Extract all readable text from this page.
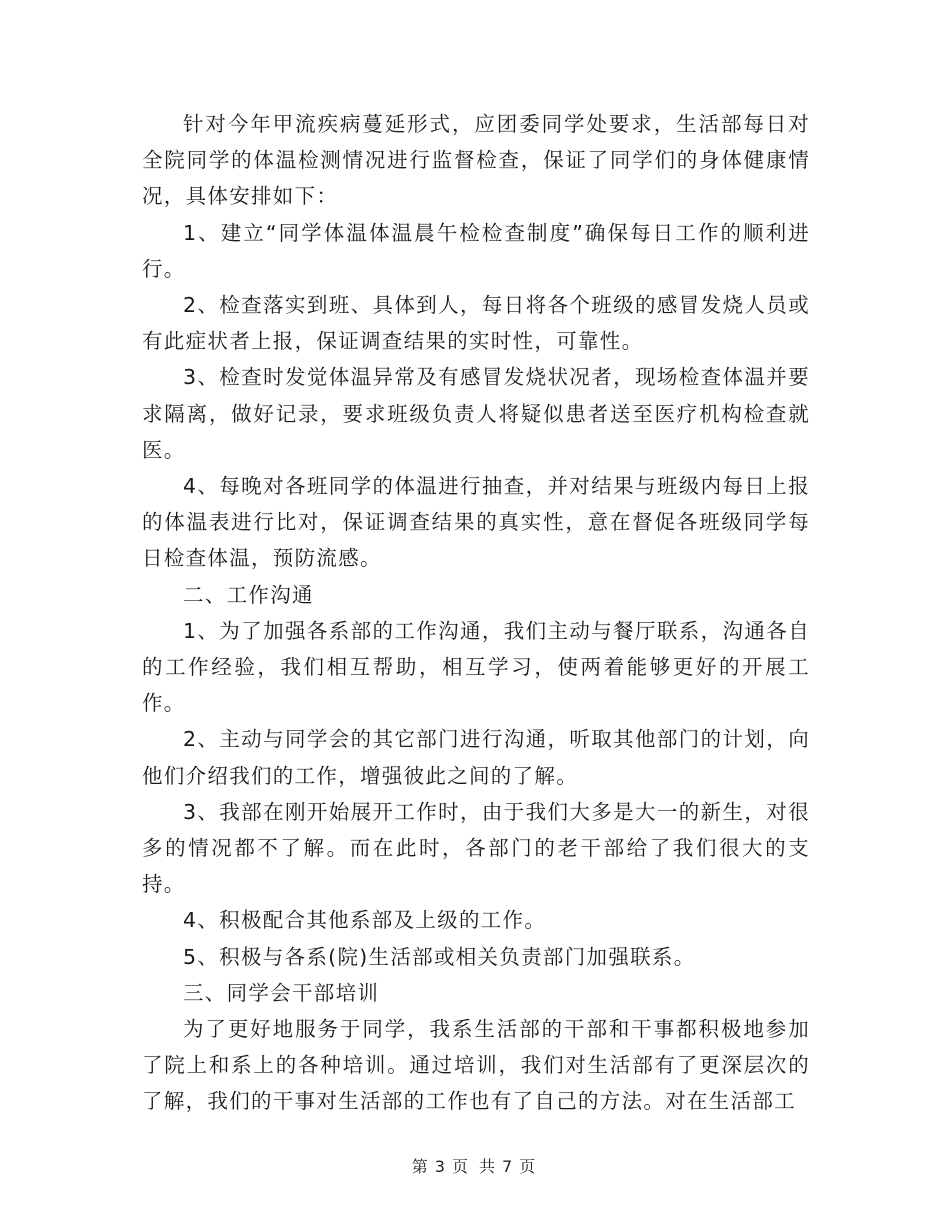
针对今年甲流疾病蔓延形式，应团委同学处要求，生活部每日对全院同学的体温检测情况进行监督检查，保证了同学们的身体健康情况，具体安排如下：

1、建立“同学体温体温晨午检检查制度”确保每日工作的顺利进行。

2、检查落实到班、具体到人，每日将各个班级的感冒发烧人员或有此症状者上报，保证调查结果的实时性，可靠性。

3、检查时发觉体温异常及有感冒发烧状况者，现场检查体温并要求隔离，做好记录，要求班级负责人将疑似患者送至医疗机构检查就医。

4、每晚对各班同学的体温进行抽查，并对结果与班级内每日上报的体温表进行比对，保证调查结果的真实性，意在督促各班级同学每日检查体温，预防流感。

二、工作沟通

1、为了加强各系部的工作沟通，我们主动与餐厅联系，沟通各自的工作经验，我们相互帮助，相互学习，使两着能够更好的开展工作。

2、主动与同学会的其它部门进行沟通，听取其他部门的计划，向他们介绍我们的工作，增强彼此之间的了解。

3、我部在刚开始展开工作时，由于我们大多是大一的新生，对很多的情况都不了解。而在此时，各部门的老干部给了我们很大的支持。

4、积极配合其他系部及上级的工作。

5、积极与各系(院)生活部或相关负责部门加强联系。

三、同学会干部培训

为了更好地服务于同学，我系生活部的干部和干事都积极地参加了院上和系上的各种培训。通过培训，我们对生活部有了更深层次的了解，我们的干事对生活部的工作也有了自己的方法。对在生活部工

第 3 页 共 7 页
